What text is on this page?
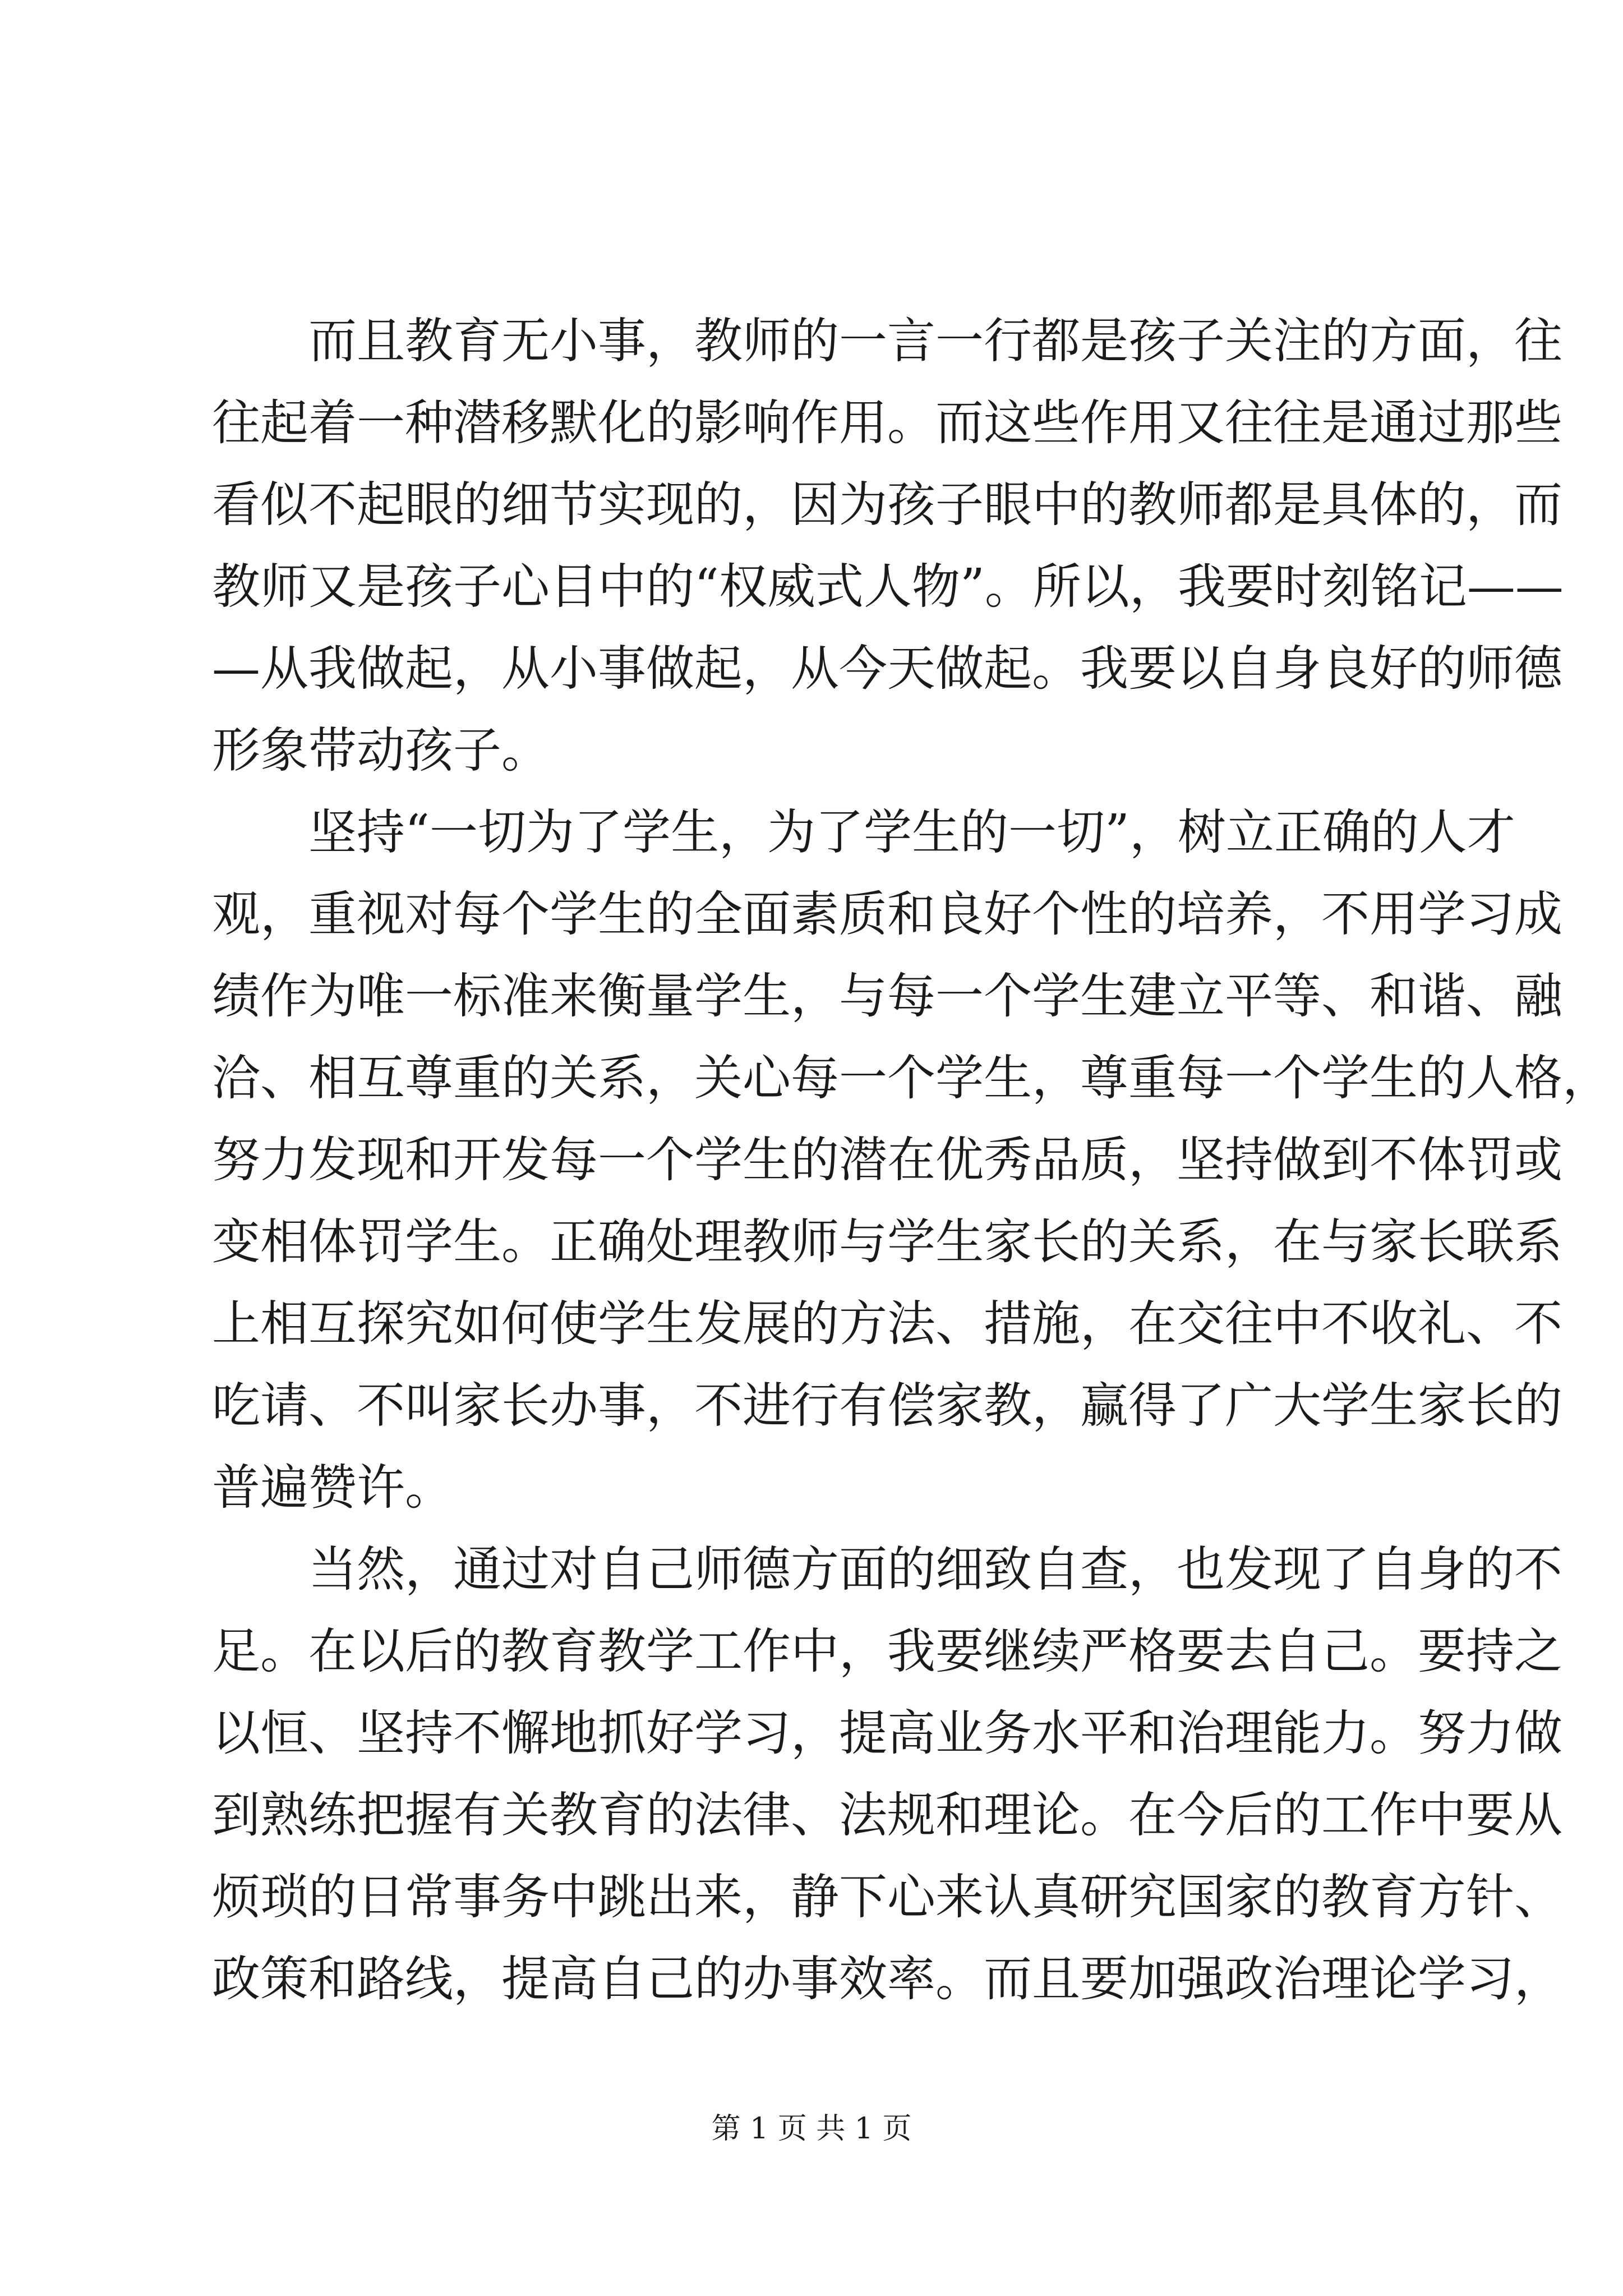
　　而且教育无小事，教师的一言一行都是孩子关注的方面，往
往起着一种潜移默化的影响作用。而这些作用又往往是通过那些
看似不起眼的细节实现的，因为孩子眼中的教师都是具体的，而
教师又是孩子心目中的“权威式人物”。所以，我要时刻铭记——
—从我做起，从小事做起，从今天做起。我要以自身良好的师德
形象带动孩子。
　　坚持“一切为了学生，为了学生的一切”，树立正确的人才
观，重视对每个学生的全面素质和良好个性的培养，不用学习成
绩作为唯一标准来衡量学生，与每一个学生建立平等、和谐、融
洽、相互尊重的关系，关心每一个学生，尊重每一个学生的人格，
努力发现和开发每一个学生的潜在优秀品质，坚持做到不体罚或
变相体罚学生。正确处理教师与学生家长的关系，在与家长联系
上相互探究如何使学生发展的方法、措施，在交往中不收礼、不
吃请、不叫家长办事，不进行有偿家教，赢得了广大学生家长的
普遍赞许。
　　当然，通过对自己师德方面的细致自查，也发现了自身的不
足。在以后的教育教学工作中，我要继续严格要去自己。要持之
以恒、坚持不懈地抓好学习，提高业务水平和治理能力。努力做
到熟练把握有关教育的法律、法规和理论。在今后的工作中要从
烦琐的日常事务中跳出来，静下心来认真研究国家的教育方针、
政策和路线，提高自己的办事效率。而且要加强政治理论学习，
第 1 页 共 1 页
